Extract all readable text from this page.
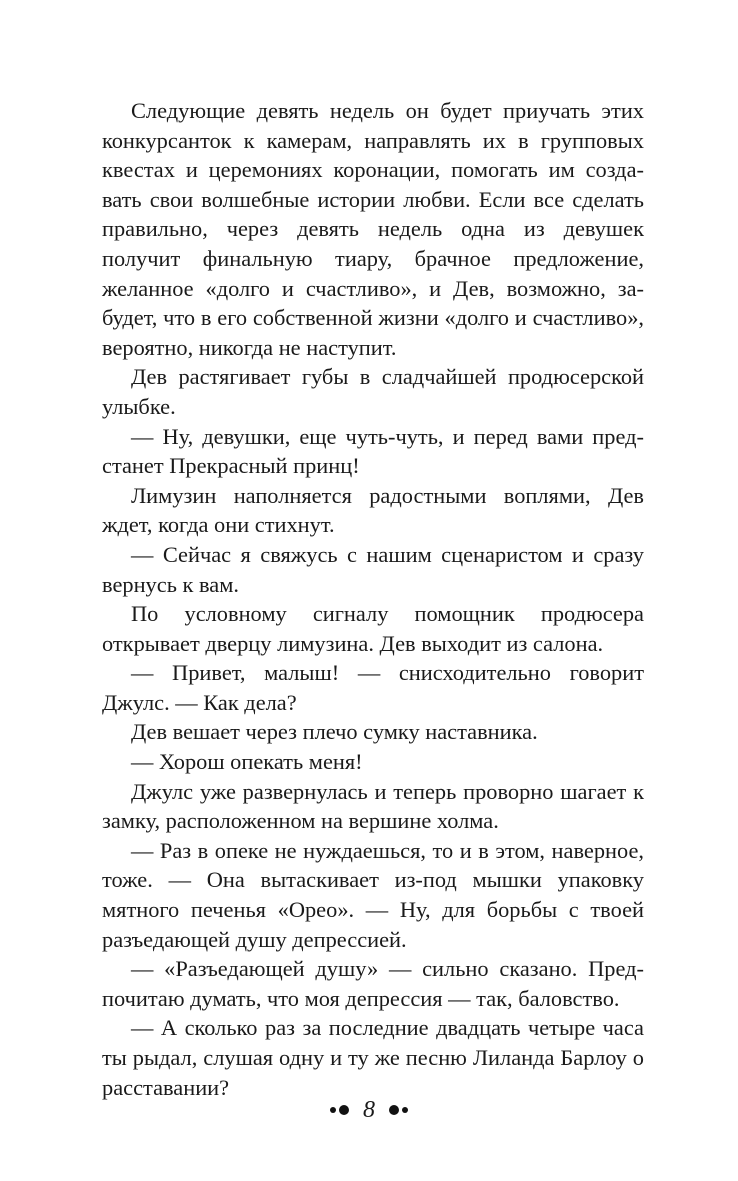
Следующие девять недель он будет приучать этих конкурсанток к камерам, направлять их в групповых квестах и церемониях коронации, помогать им создавать свои волшебные истории любви. Если все сделать правильно, через девять недель одна из девушек получит финальную тиару, брачное предложение, желанное «долго и счастливо», и Дев, возможно, забудет, что в его собственной жизни «долго и счастливо», вероятно, никогда не наступит.

Дев растягивает губы в сладчайшей продюсерской улыбке.

— Ну, девушки, еще чуть-чуть, и перед вами предстанет Прекрасный принц!

Лимузин наполняется радостными воплями, Дев ждет, когда они стихнут.

— Сейчас я свяжусь с нашим сценаристом и сразу вернусь к вам.

По условному сигналу помощник продюсера открывает дверцу лимузина. Дев выходит из салона.

— Привет, малыш! — снисходительно говорит Джулс. — Как дела?

Дев вешает через плечо сумку наставника.

— Хорош опекать меня!

Джулс уже развернулась и теперь проворно шагает к замку, расположенном на вершине холма.

— Раз в опеке не нуждаешься, то и в этом, наверное, тоже. — Она вытаскивает из-под мышки упаковку мятного печенья «Орео». — Ну, для борьбы с твоей разъедающей душу депрессией.

— «Разъедающей душу» — сильно сказано. Предпочитаю думать, что моя депрессия — так, баловство.

— А сколько раз за последние двадцать четыре часа ты рыдал, слушая одну и ту же песню Лиланда Барлоу о расставании?

8
